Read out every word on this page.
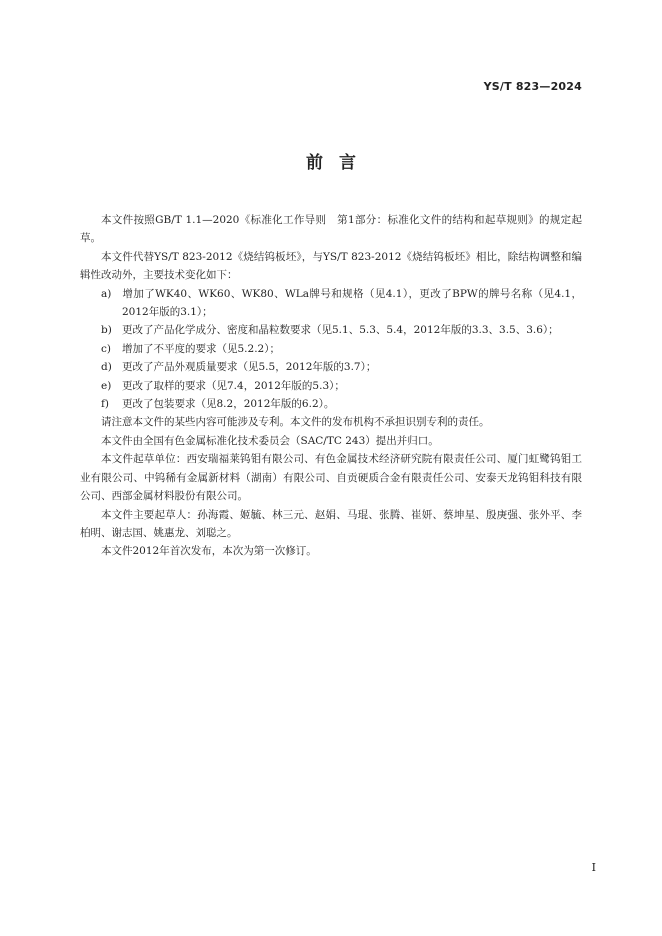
YS/T 823—2024
前言

本文件按照GB/T 1.1—2020《标准化工作导则　第1部分：标准化文件的结构和起草规则》的规定起草。

本文件代替YS/T 823-2012《烧结钨板坯》，与YS/T 823-2012《烧结钨板坯》相比，除结构调整和编辑性改动外，主要技术变化如下：

a) 增加了WK40、WK60、WK80、WLa牌号和规格（见4.1），更改了BPW的牌号名称（见4.1，2012年版的3.1）；

b) 更改了产品化学成分、密度和晶粒数要求（见5.1、5.3、5.4，2012年版的3.3、3.5、3.6）；

c) 增加了不平度的要求（见5.2.2）；

d) 更改了产品外观质量要求（见5.5，2012年版的3.7）；

e) 更改了取样的要求（见7.4，2012年版的5.3）；

f) 更改了包装要求（见8.2，2012年版的6.2）。

请注意本文件的某些内容可能涉及专利。本文件的发布机构不承担识别专利的责任。

本文件由全国有色金属标准化技术委员会（SAC/TC 243）提出并归口。

本文件起草单位：西安瑞福莱钨钼有限公司、有色金属技术经济研究院有限责任公司、厦门虹鹭钨钼工业有限公司、中钨稀有金属新材料（湖南）有限公司、自贡硬质合金有限责任公司、安泰天龙钨钼科技有限公司、西部金属材料股份有限公司。

本文件主要起草人：孙海霞、姬毓、林三元、赵娟、马琨、张腾、崔妍、蔡坤星、殷庚强、张外平、李柏明、谢志国、姚惠龙、刘聪之。

本文件2012年首次发布，本次为第一次修订。

I
